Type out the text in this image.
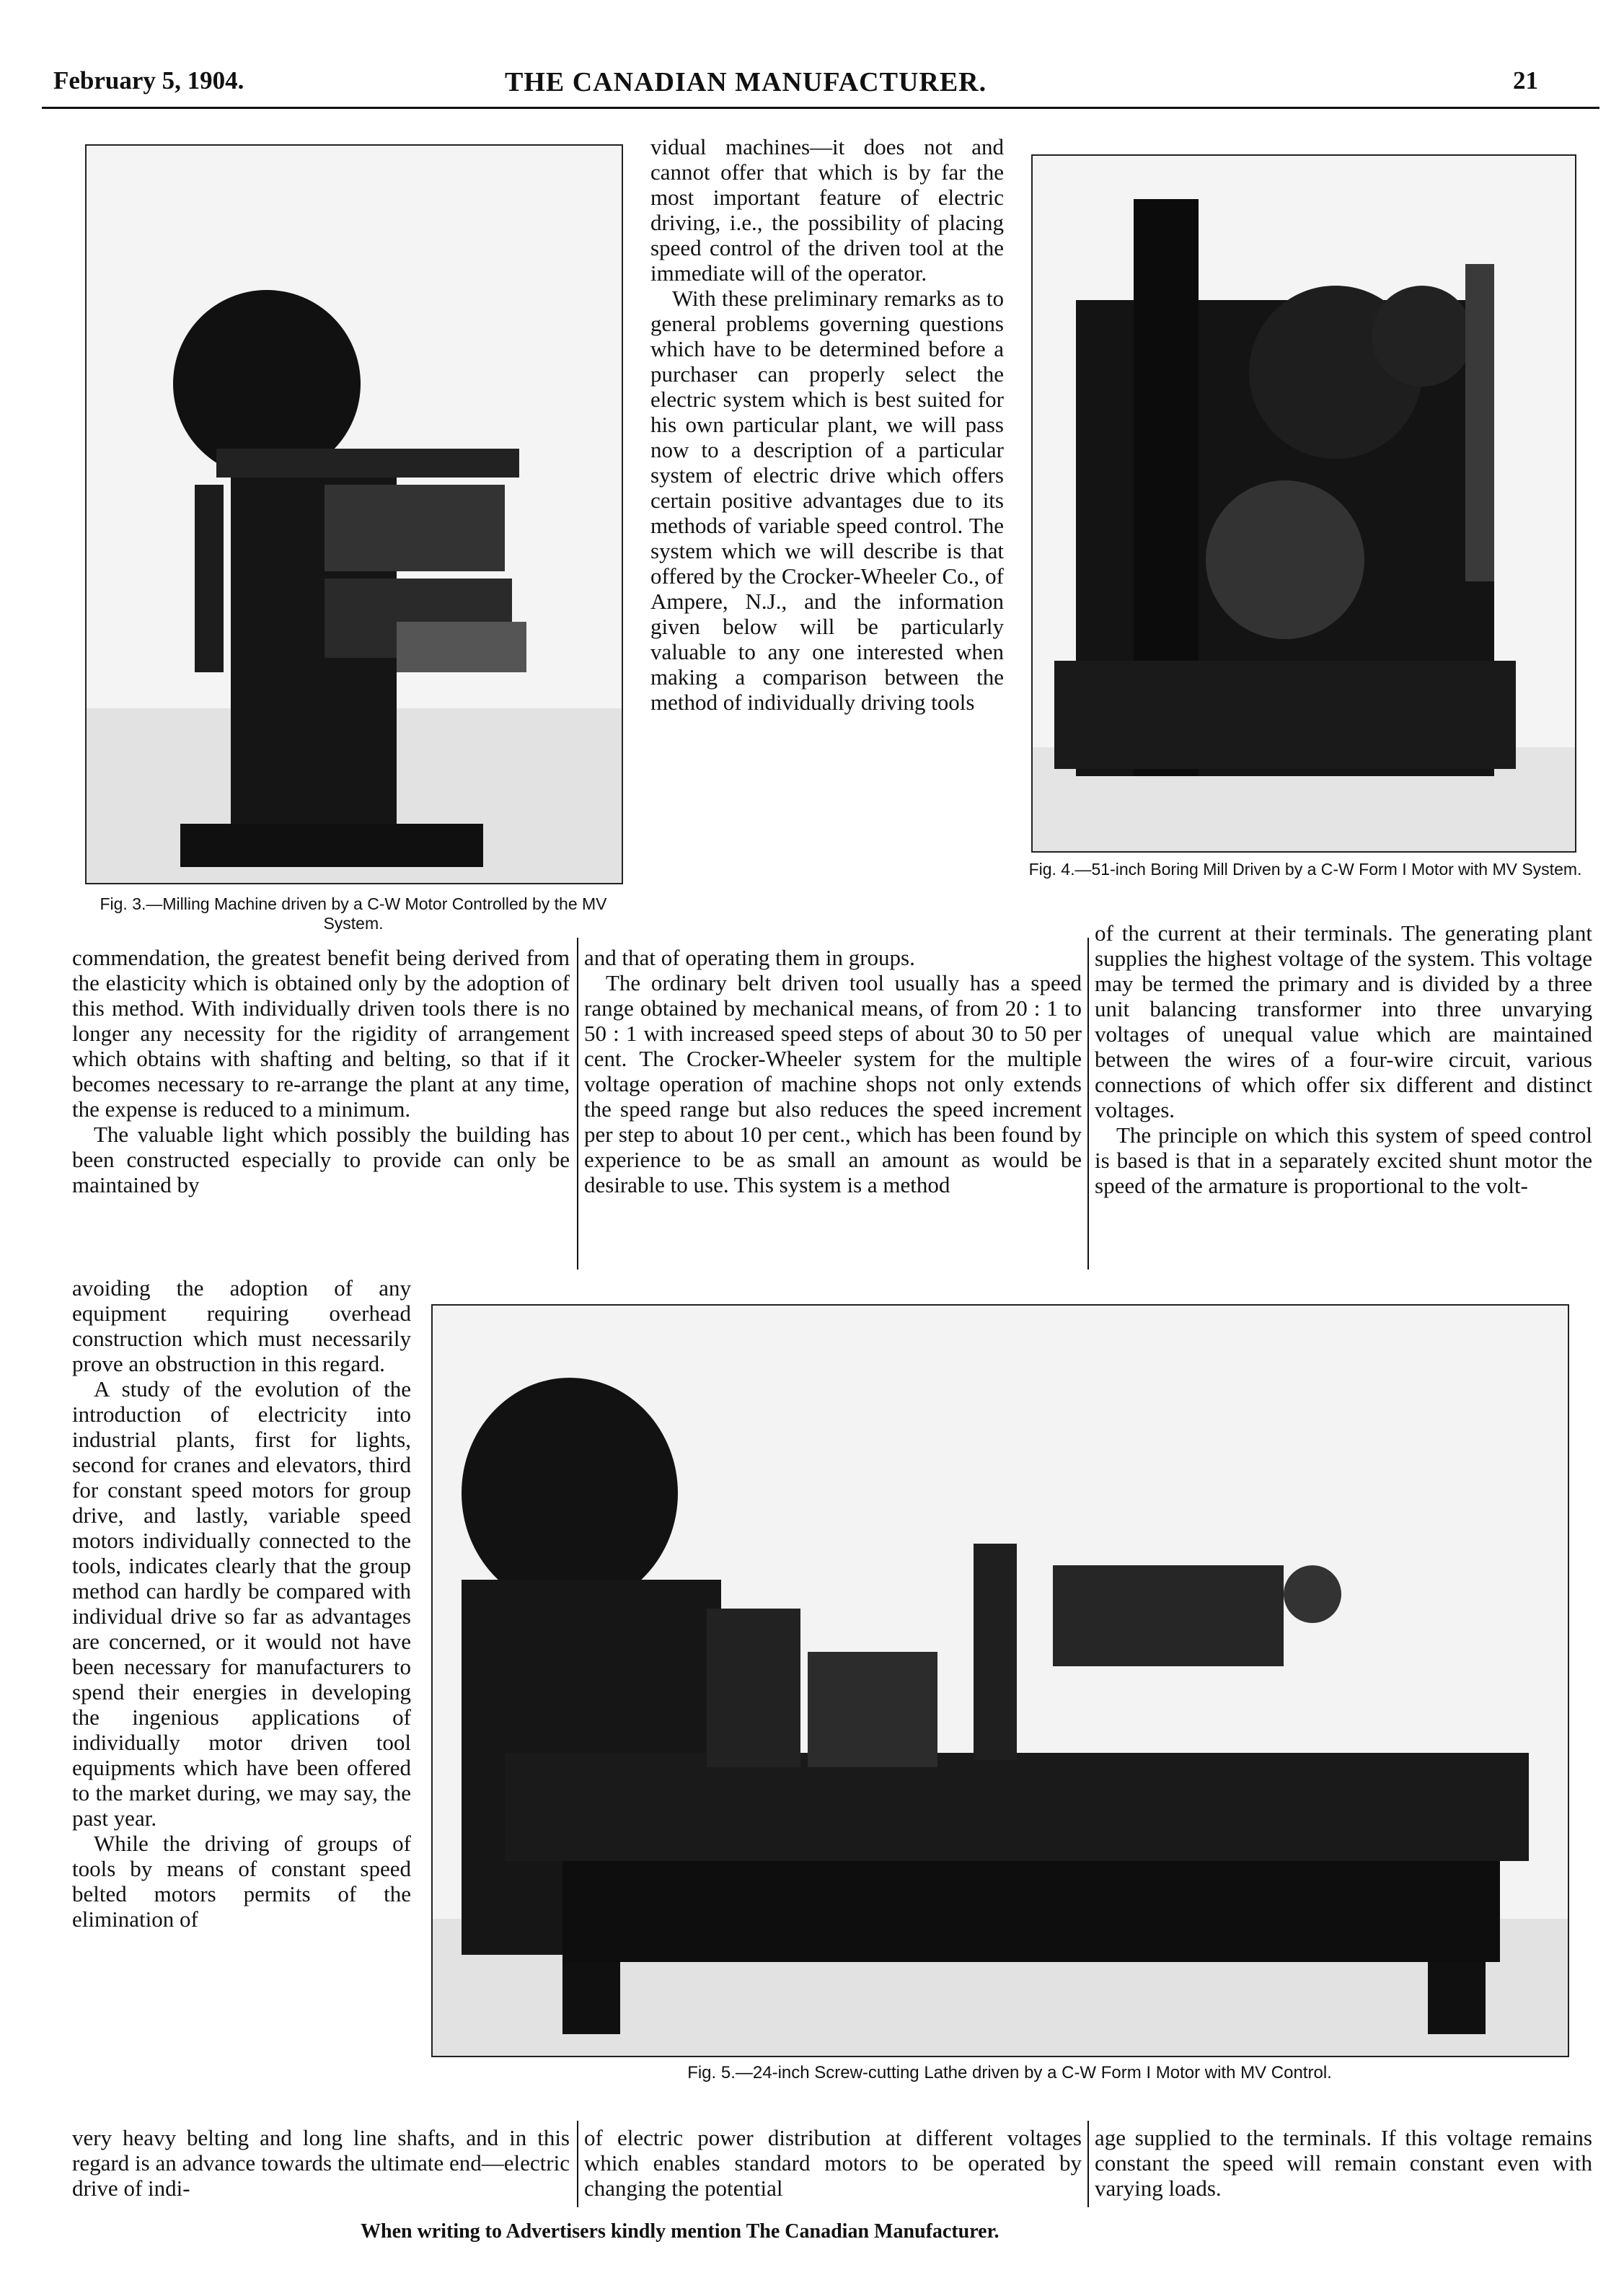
February 5, 1904.	THE CANADIAN MANUFACTURER.	21
Fig. 3.—Milling Machine driven by a C-W Motor Controlled by the MV System.
Fig. 4.—51-inch Boring Mill Driven by a C-W Form I Motor with MV System.

vidual machines—it does not and cannot offer that which is by far the most important feature of electric driving, i.e., the possibility of placing speed control of the driven tool at the immediate will of the operator.

With these preliminary remarks as to general problems governing questions which have to be determined before a purchaser can properly select the electric system which is best suited for his own particular plant, we will pass now to a description of a particular system of electric drive which offers certain positive advantages due to its methods of variable speed control. The system which we will describe is that offered by the Crocker-Wheeler Co., of Ampere, N.J., and the information given below will be particularly valuable to any one interested when making a comparison between the method of individually driving tools

commendation, the greatest benefit being derived from the elasticity which is obtained only by the adoption of this method. With individually driven tools there is no longer any necessity for the rigidity of arrangement which obtains with shafting and belting, so that if it becomes necessary to re-arrange the plant at any time, the expense is reduced to a minimum.

The valuable light which possibly the building has been constructed especially to provide can only be maintained by

and that of operating them in groups.

The ordinary belt driven tool usually has a speed range obtained by mechanical means, of from 20 : 1 to 50 : 1 with increased speed steps of about 30 to 50 per cent. The Crocker-Wheeler system for the multiple voltage operation of machine shops not only extends the speed range but also reduces the speed increment per step to about 10 per cent., which has been found by experience to be as small an amount as would be desirable to use. This system is a method

of the current at their terminals. The generating plant supplies the highest voltage of the system. This voltage may be termed the primary and is divided by a three unit balancing transformer into three unvarying voltages of unequal value which are maintained between the wires of a four-wire circuit, various connections of which offer six different and distinct voltages.

The principle on which this system of speed control is based is that in a separately excited shunt motor the speed of the armature is proportional to the volt-

avoiding the adoption of any equipment requiring overhead construction which must necessarily prove an obstruction in this regard.

A study of the evolution of the introduction of electricity into industrial plants, first for lights, second for cranes and elevators, third for constant speed motors for group drive, and lastly, variable speed motors individually connected to the tools, indicates clearly that the group method can hardly be compared with individual drive so far as advantages are concerned, or it would not have been necessary for manufacturers to spend their energies in developing the ingenious applications of individually motor driven tool equipments which have been offered to the market during, we may say, the past year.

While the driving of groups of tools by means of constant speed belted motors permits of the elimination of

Fig. 5.—24-inch Screw-cutting Lathe driven by a C-W Form I Motor with MV Control.

very heavy belting and long line shafts, and in this regard is an advance towards the ultimate end—electric drive of indi-

of electric power distribution at different voltages which enables standard motors to be operated by changing the potential

age supplied to the terminals. If this voltage remains constant the speed will remain constant even with varying loads.

When writing to Advertisers kindly mention The Canadian Manufacturer.
